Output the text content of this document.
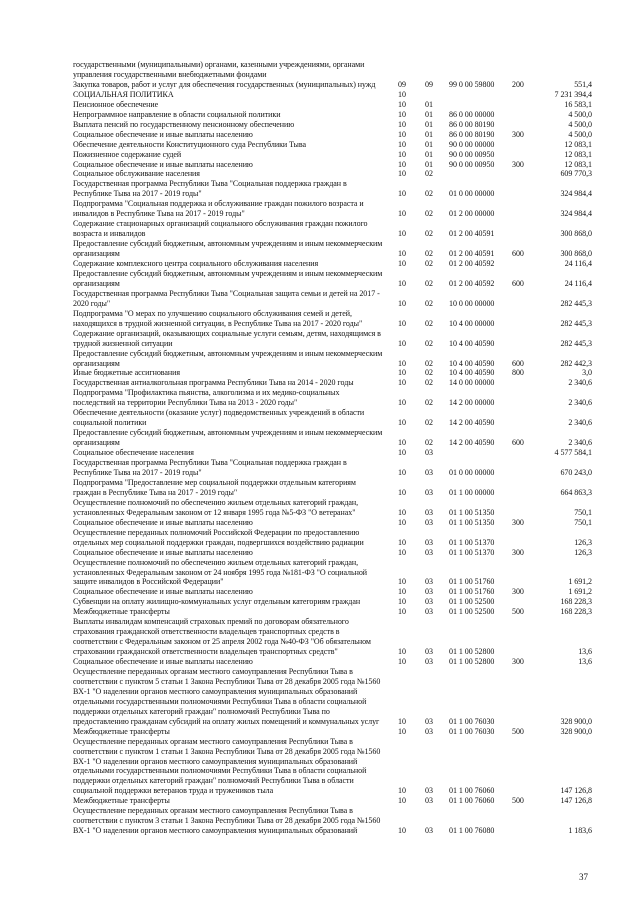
государственными (муниципальными) органами, казенными учреждениями, органами
управления государственными внебюджетными фондами
Закупка товаров, работ и услуг для обеспечения государственных (муниципальных) нужд	09 09 99 0 00 59800 200	551,4
СОЦИАЛЬНАЯ ПОЛИТИКА	10	7 231 394,4
Пенсионное обеспечение	10 01	16 583,1
Непрограммное направление в области социальной политики	10 01 86 0 00 00000	4 500,0
Выплата пенсий по государственному пенсионному обеспечению	10 01 86 0 00 80190	4 500,0
Социальное обеспечение и иные выплаты населению	10 01 86 0 00 80190 300	4 500,0
Обеспечение деятельности Конституционного суда Республики Тыва	10 01 90 0 00 00000	12 083,1
Пожизненное содержание судей	10 01 90 0 00 00950	12 083,1
Социальное обеспечение и иные выплаты населению	10 01 90 0 00 00950 300	12 083,1
Социальное обслуживание населения	10 02	609 770,3
Государственная программа Республики Тыва "Социальная поддержка граждан в
Республике Тыва на 2017 - 2019 годы"	10 02 01 0 00 00000	324 984,4
Подпрограмма "Социальная поддержка и обслуживание граждан пожилого возраста и
инвалидов в Республике Тыва на 2017 - 2019 годы"	10 02 01 2 00 00000	324 984,4
Содержание стационарных организаций социального обслуживания граждан пожилого
возраста и инвалидов	10 02 01 2 00 40591	300 868,0
Предоставление субсидий бюджетным, автономным учреждениям и иным некоммерческим
организациям	10 02 01 2 00 40591 600	300 868,0
Содержание комплексного центра социального обслуживания населения	10 02 01 2 00 40592	24 116,4
Предоставление субсидий бюджетным, автономным учреждениям и иным некоммерческим
организациям	10 02 01 2 00 40592 600	24 116,4
Государственная программа Республики Тыва "Социальная защита семьи и детей на 2017 -
2020 годы"	10 02 10 0 00 00000	282 445,3
Подпрограмма "О мерах по улучшению социального обслуживания семей и детей,
находящихся в трудной жизненной ситуации, в Республике Тыва на 2017 - 2020 годы"	10 02 10 4 00 00000	282 445,3
Содержание организаций, оказывающих социальные услуги семьям, детям, находящимся в
трудной жизненной ситуации	10 02 10 4 00 40590	282 445,3
Предоставление субсидий бюджетным, автономным учреждениям и иным некоммерческим
организациям	10 02 10 4 00 40590 600	282 442,3
Иные бюджетные ассигнования	10 02 10 4 00 40590 800	3,0
Государственная антиалкогольная программа Республики Тыва на 2014 - 2020 годы	10 02 14 0 00 00000	2 340,6
Подпрограмма "Профилактика пьянства, алкоголизма и их медико-социальных
последствий на территории Республики Тыва на 2013 - 2020 годы"	10 02 14 2 00 00000	2 340,6
Обеспечение деятельности (оказание услуг) подведомственных учреждений в области
социальной политики	10 02 14 2 00 40590	2 340,6
Предоставление субсидий бюджетным, автономным учреждениям и иным некоммерческим
организациям	10 02 14 2 00 40590 600	2 340,6
Социальное обеспечение населения	10 03	4 577 584,1
Государственная программа Республики Тыва "Социальная поддержка граждан в
Республике Тыва на 2017 - 2019 годы"	10 03 01 0 00 00000	670 243,0
Подпрограмма "Предоставление мер социальной поддержки отдельным категориям
граждан в Республике Тыва на 2017 - 2019 годы"	10 03 01 1 00 00000	664 863,3
Осуществление полномочий по обеспечению жильем отдельных категорий граждан,
установленных Федеральным законом от 12 января 1995 года №5-ФЗ "О ветеранах"	10 03 01 1 00 51350	750,1
Социальное обеспечение и иные выплаты населению	10 03 01 1 00 51350 300	750,1
Осуществление переданных полномочий Российской Федерации по предоставлению
отдельных мер социальной поддержки граждан, подвергшихся воздействию радиации	10 03 01 1 00 51370	126,3
Социальное обеспечение и иные выплаты населению	10 03 01 1 00 51370 300	126,3
Осуществление полномочий по обеспечению жильем отдельных категорий граждан,
установленных Федеральным законом от 24 ноября 1995 года №181-ФЗ "О социальной
защите инвалидов в Российской Федерации"	10 03 01 1 00 51760	1 691,2
Социальное обеспечение и иные выплаты населению	10 03 01 1 00 51760 300	1 691,2
Субвенции на оплату жилищно-коммунальных услуг отдельным категориям граждан	10 03 01 1 00 52500	168 228,3
Межбюджетные трансферты	10 03 01 1 00 52500 500	168 228,3
Выплаты инвалидам компенсаций страховых премий по договорам обязательного
страхования гражданской ответственности владельцев транспортных средств в
соответствии с Федеральным законом от 25 апреля 2002 года №40-ФЗ "Об обязательном
страховании гражданской ответственности владельцев транспортных средств"	10 03 01 1 00 52800	13,6
Социальное обеспечение и иные выплаты населению	10 03 01 1 00 52800 300	13,6
Осуществление переданных органам местного самоуправления Республики Тыва в
соответствии с пунктом 5 статьи 1 Закона Республики Тыва от 28 декабря 2005 года №1560
ВХ-1 "О наделении органов местного самоуправления муниципальных образований
отдельными государственными полномочиями Республики Тыва в области социальной
поддержки отдельных категорий граждан" полномочий Республики Тыва по
предоставлению гражданам субсидий на оплату жилых помещений и коммунальных услуг	10 03 01 1 00 76030	328 900,0
Межбюджетные трансферты	10 03 01 1 00 76030 500	328 900,0
Осуществление переданных органам местного самоуправления Республики Тыва в
соответствии с пунктом 1 статьи 1 Закона Республики Тыва от 28 декабря 2005 года №1560
ВХ-1 "О наделении органов местного самоуправления муниципальных образований
отдельными государственными полномочиями Республики Тыва в области социальной
поддержки отдельных категорий граждан" полномочий Республики Тыва в области
социальной поддержки ветеранов труда и тружеников тыла	10 03 01 1 00 76060	147 126,8
Межбюджетные трансферты	10 03 01 1 00 76060 500	147 126,8
Осуществление переданных органам местного самоуправления Республики Тыва в
соответствии с пунктом 3 статьи 1 Закона Республики Тыва от 28 декабря 2005 года №1560
ВХ-1 "О наделении органов местного самоуправления муниципальных образований	10 03 01 1 00 76080	1 183,6
37
